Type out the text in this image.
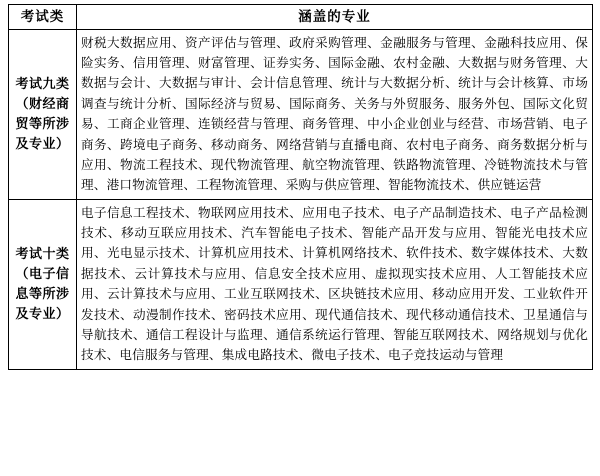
考试类	涵盖的专业
考试九类（财经商贸等所涉及专业）	财税大数据应用、资产评估与管理、政府采购管理、金融服务与管理、金融科技应用、保险实务、信用管理、财富管理、证券实务、国际金融、农村金融、大数据与财务管理、大数据与会计、大数据与审计、会计信息管理、统计与大数据分析、统计与会计核算、市场调查与统计分析、国际经济与贸易、国际商务、关务与外贸服务、服务外包、国际文化贸易、工商企业管理、连锁经营与管理、商务管理、中小企业创业与经营、市场营销、电子商务、跨境电子商务、移动商务、网络营销与直播电商、农村电子商务、商务数据分析与应用、物流工程技术、现代物流管理、航空物流管理、铁路物流管理、冷链物流技术与管理、港口物流管理、工程物流管理、采购与供应管理、智能物流技术、供应链运营
考试十类（电子信息等所涉及专业）	电子信息工程技术、物联网应用技术、应用电子技术、电子产品制造技术、电子产品检测技术、移动互联应用技术、汽车智能电子技术、智能产品开发与应用、智能光电技术应用、光电显示技术、计算机应用技术、计算机网络技术、软件技术、数字媒体技术、大数据技术、云计算技术与应用、信息安全技术应用、虚拟现实技术应用、人工智能技术应用、云计算技术与应用、工业互联网技术、区块链技术应用、移动应用开发、工业软件开发技术、动漫制作技术、密码技术应用、现代通信技术、现代移动通信技术、卫星通信与导航技术、通信工程设计与监理、通信系统运行管理、智能互联网技术、网络规划与优化技术、电信服务与管理、集成电路技术、微电子技术、电子竞技运动与管理
